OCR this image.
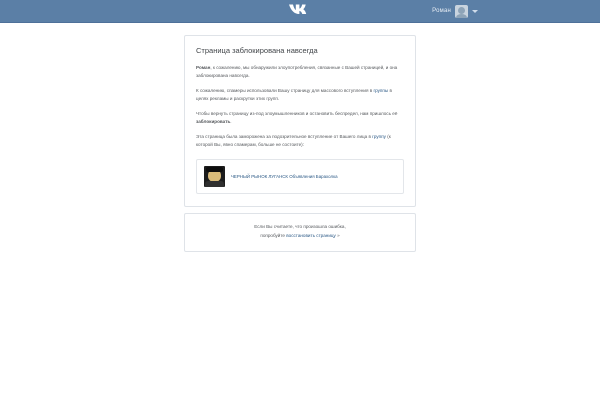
Роман
Страница заблокирована навсегда

Роман, к сожалению, мы обнаружили злоупотребления, связанные с Вашей страницей, и она заблокирована навсегда.

К сожалению, спамеры использовали Вашу страницу для массового вступления в группы в целях рекламы и раскрутки этих групп.

Чтобы вернуть страницу из-под злоумышленников и остановить беспредел, нам пришлось её заблокировать.

Эта страница была заморожена за подозрительное вступление от Вашего лица в группу (к которой Вы, явно спамерам, больше не состоите):

ЧЕРНЫЙ РЫНОК ЛУГАНСК Объявления Барахолка
Если Вы считаете, что произошла ошибка,
попробуйте восстановить страницу »
